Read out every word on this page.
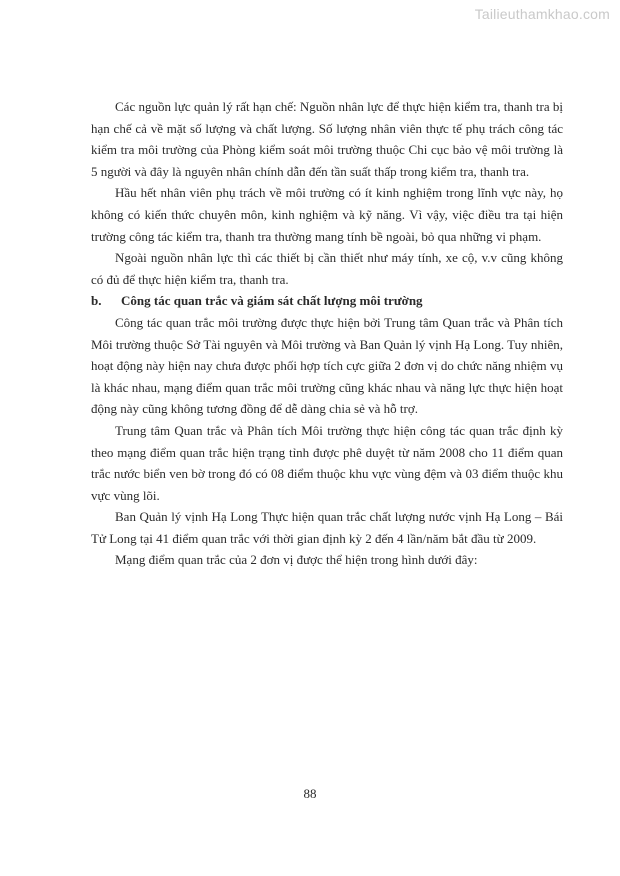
Tailieuthamkhao.com

Các nguồn lực quản lý rất hạn chế: Nguồn nhân lực để thực hiện kiểm tra, thanh tra bị hạn chế cả về mặt số lượng và chất lượng. Số lượng nhân viên thực tế phụ trách công tác kiểm tra môi trường của Phòng kiểm soát môi trường thuộc Chi cục bảo vệ môi trường là 5 người và đây là nguyên nhân chính dẫn đến tần suất thấp trong kiểm tra, thanh tra.

Hầu hết nhân viên phụ trách về môi trường có ít kinh nghiệm trong lĩnh vực này, họ không có kiến thức chuyên môn, kinh nghiệm và kỹ năng. Vì vậy, việc điều tra tại hiện trường công tác kiểm tra, thanh tra thường mang tính bề ngoài, bỏ qua những vi phạm.

Ngoài nguồn nhân lực thì các thiết bị cần thiết như máy tính, xe cộ, v.v cũng không có đủ để thực hiện kiểm tra, thanh tra.

b. Công tác quan trắc và giám sát chất lượng môi trường

Công tác quan trắc môi trường được thực hiện bởi Trung tâm Quan trắc và Phân tích Môi trường thuộc Sở Tài nguyên và Môi trường và Ban Quản lý vịnh Hạ Long. Tuy nhiên, hoạt động này hiện nay chưa được phối hợp tích cực giữa 2 đơn vị do chức năng nhiệm vụ là khác nhau, mạng điểm quan trắc môi trường cũng khác nhau và năng lực thực hiện hoạt động này cũng không tương đồng để dễ dàng chia sẻ và hỗ trợ.

Trung tâm Quan trắc và Phân tích Môi trường thực hiện công tác quan trắc định kỳ theo mạng điểm quan trắc hiện trạng tỉnh được phê duyệt từ năm 2008 cho 11 điểm quan trắc nước biển ven bờ trong đó có 08 điểm thuộc khu vực vùng đệm và 03 điểm thuộc khu vực vùng lõi.

Ban Quản lý vịnh Hạ Long Thực hiện quan trắc chất lượng nước vịnh Hạ Long – Bái Tử Long tại 41 điểm quan trắc với thời gian định kỳ 2 đến 4 lần/năm bắt đầu từ 2009.

Mạng điểm quan trắc của 2 đơn vị được thể hiện trong hình dưới đây:

88
